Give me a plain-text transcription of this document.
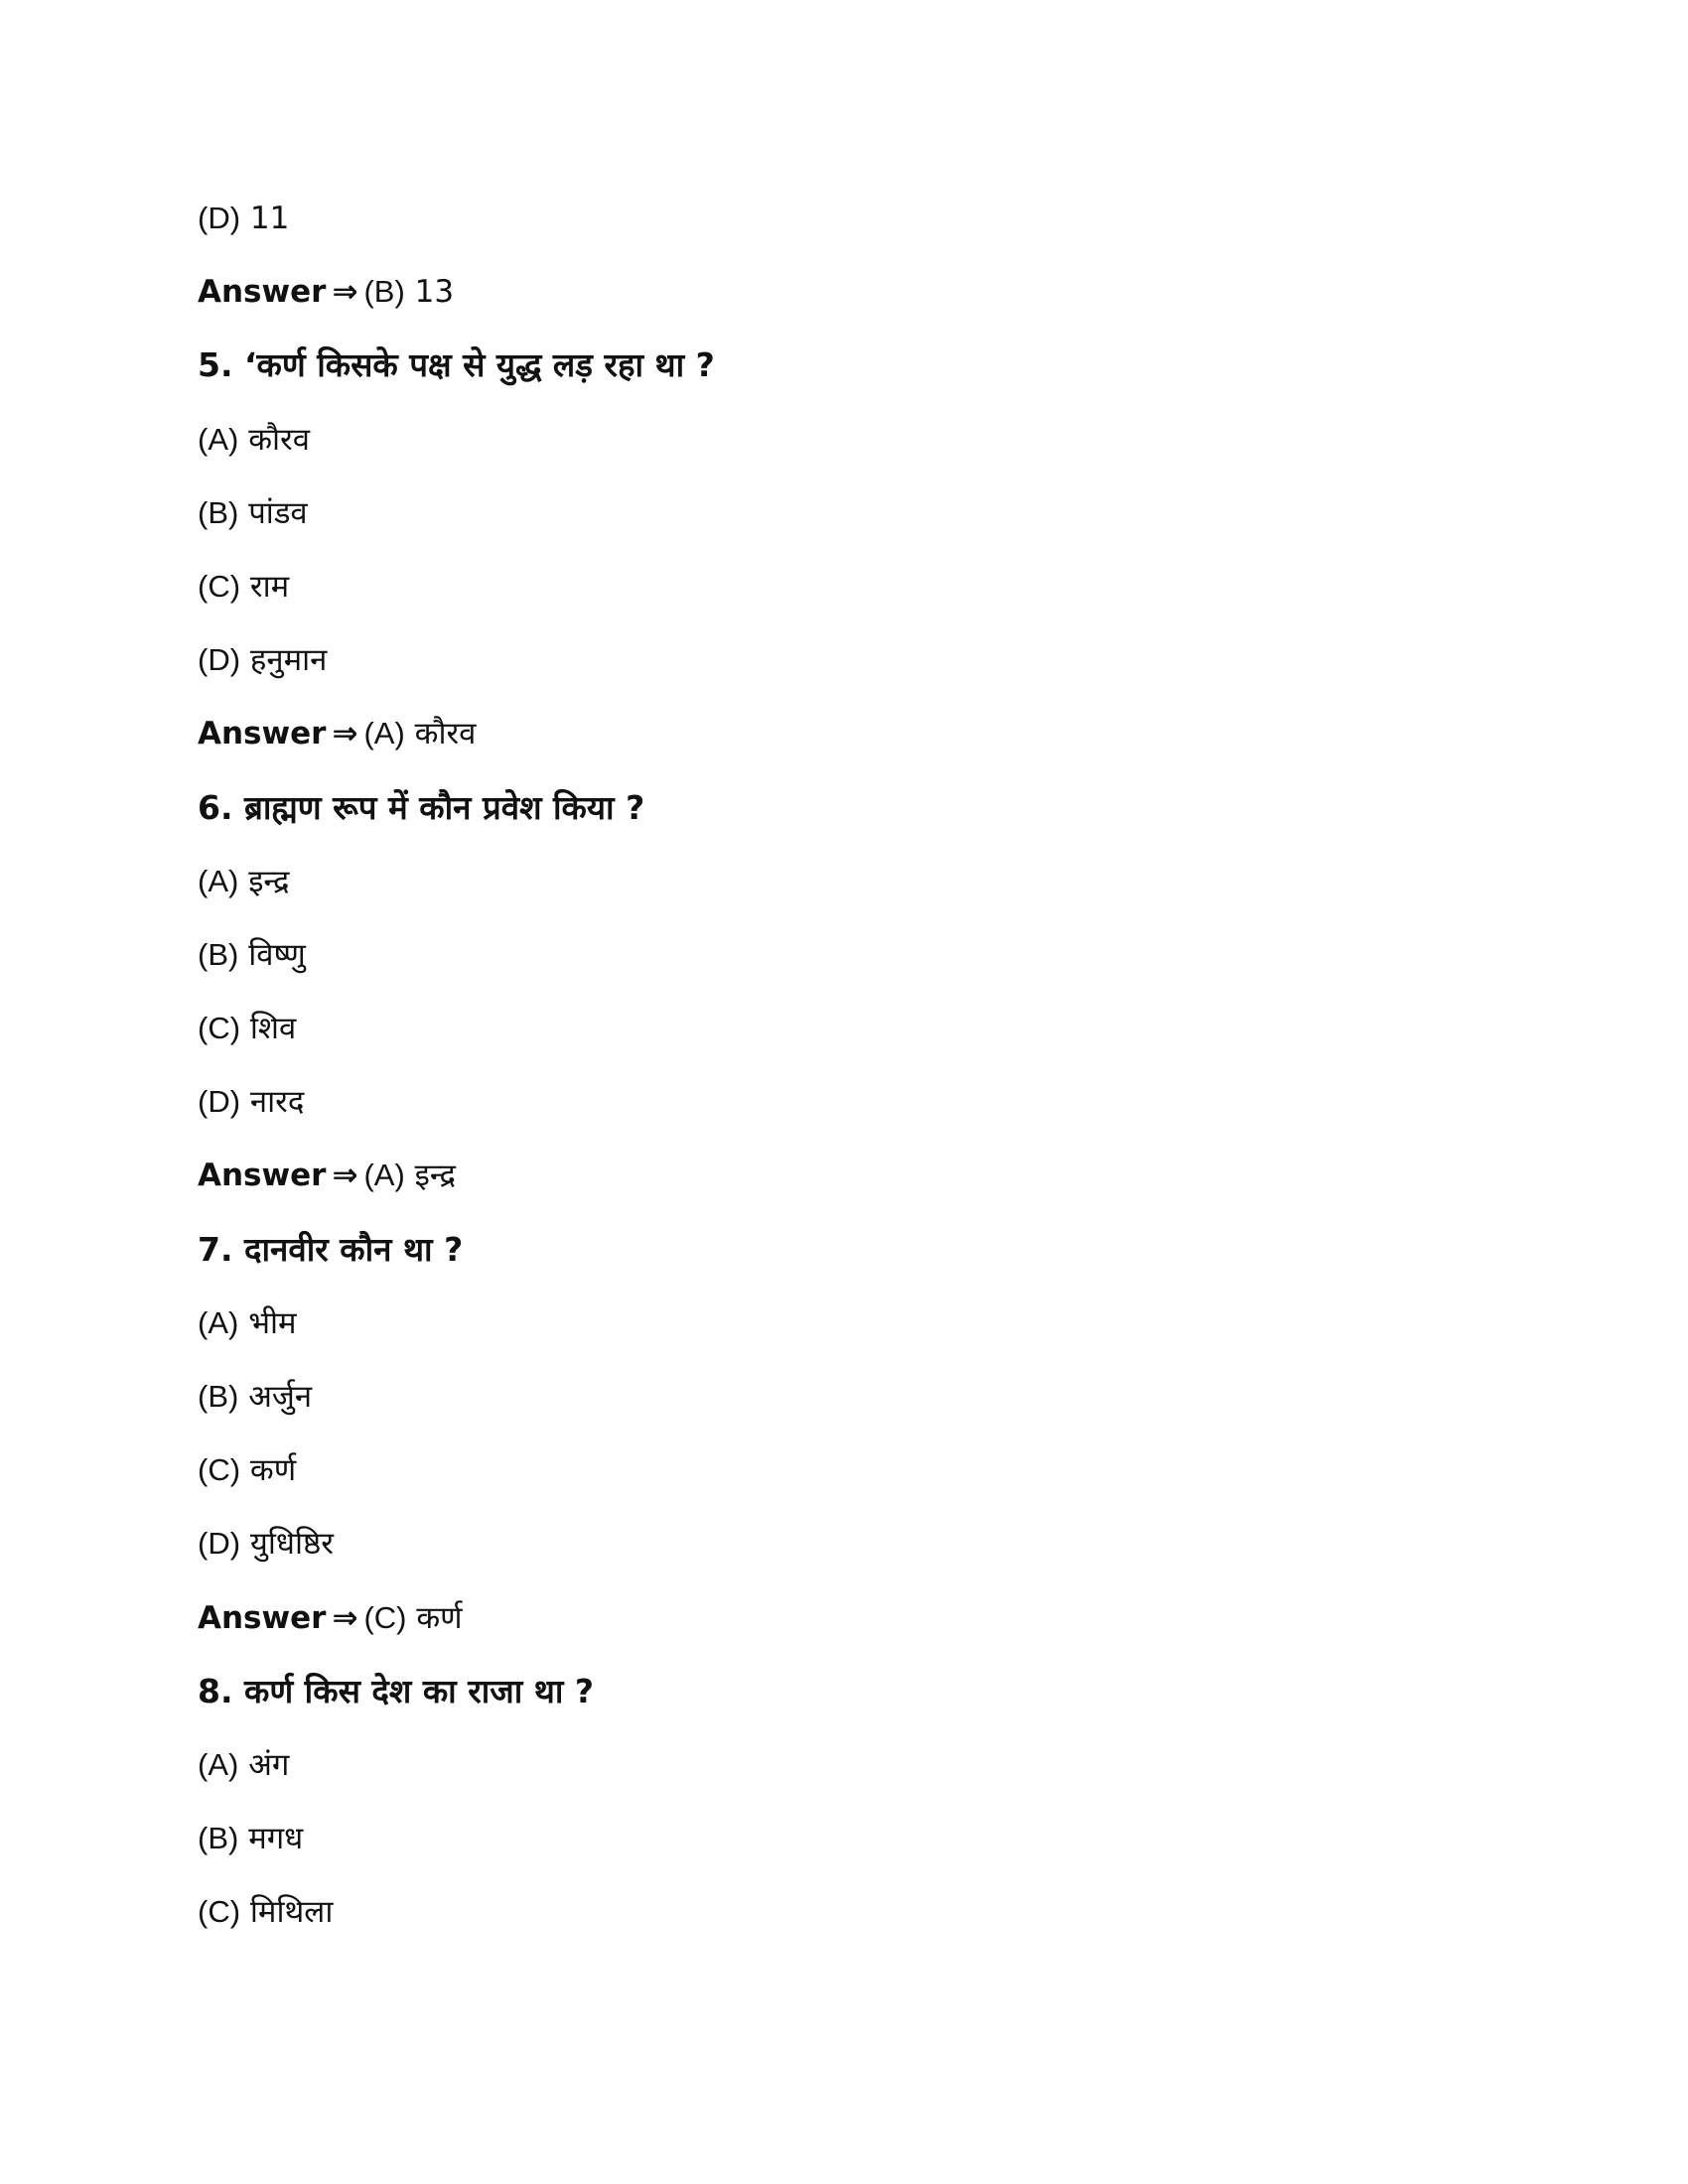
(D) 11
Answer ⇒ (B) 13
5. ‘कर्ण किसके पक्ष से युद्ध लड़ रहा था ?
(A) कौरव
(B) पांडव
(C) राम
(D) हनुमान
Answer ⇒ (A) कौरव
6. ब्राह्मण रूप में कौन प्रवेश किया ?
(A) इन्द्र
(B) विष्णु
(C) शिव
(D) नारद
Answer ⇒ (A) इन्द्र
7. दानवीर कौन था ?
(A) भीम
(B) अर्जुन
(C) कर्ण
(D) युधिष्ठिर
Answer ⇒ (C) कर्ण
8. कर्ण किस देश का राजा था ?
(A) अंग
(B) मगध
(C) मिथिला
